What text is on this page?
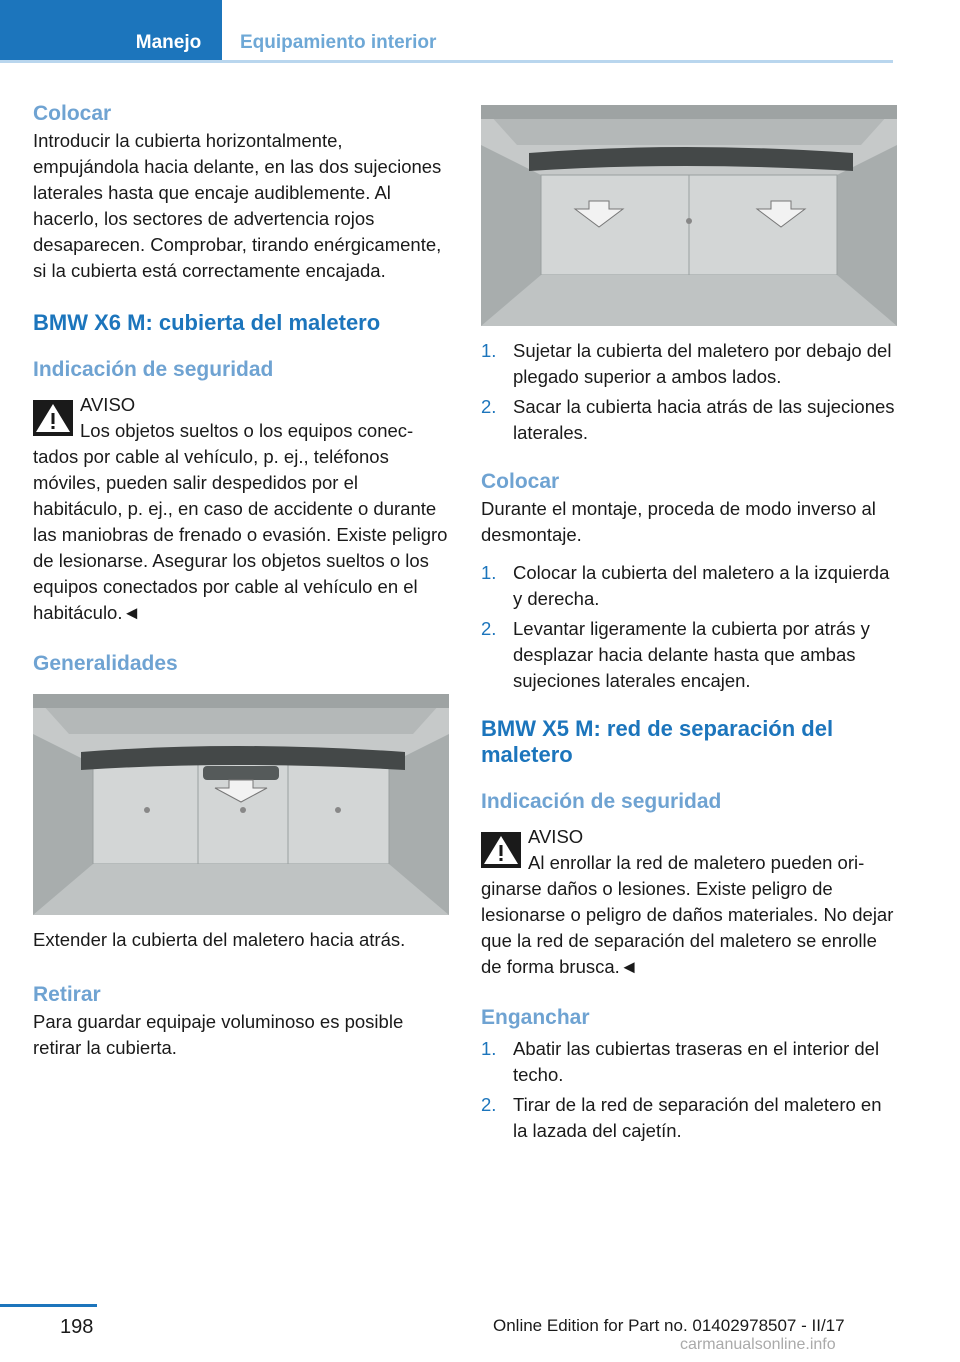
Manejo	Equipamiento interior
Colocar

Introducir la cubierta horizontalmente, empujándola hacia delante, en las dos sujeciones laterales hasta que encaje audiblemente. Al hacerlo, los sectores de advertencia rojos desaparecen. Comprobar, tirando enérgicamente, si la cubierta está correctamente encajada.

BMW X6 M: cubierta del maletero
Indicación de seguridad
AVISO
Los objetos sueltos o los equipos conec-
tados por cable al vehículo, p. ej., teléfonos móviles, pueden salir despedidos por el habitáculo, p. ej., en caso de accidente o durante las maniobras de frenado o evasión. Existe peligro de lesionarse. Asegurar los objetos sueltos o los equipos conectados por cable al vehículo en el habitáculo.◄
Generalidades

Extender la cubierta del maletero hacia atrás.

Retirar

Para guardar equipaje voluminoso es posible retirar la cubierta.

1. Sujetar la cubierta del maletero por debajo del plegado superior a ambos lados.
2. Sacar la cubierta hacia atrás de las sujeciones laterales.
Colocar

Durante el montaje, proceda de modo inverso al desmontaje.

1. Colocar la cubierta del maletero a la izquierda y derecha.
2. Levantar ligeramente la cubierta por atrás y desplazar hacia delante hasta que ambas sujeciones laterales encajen.
BMW X5 M: red de separación del maletero
Indicación de seguridad
AVISO
Al enrollar la red de maletero pueden ori-
ginarse daños o lesiones. Existe peligro de lesionarse o peligro de daños materiales. No dejar que la red de separación del maletero se enrolle de forma brusca.◄
Enganchar
1. Abatir las cubiertas traseras en el interior del techo.
2. Tirar de la red de separación del maletero en la lazada del cajetín.
198	Online Edition for Part no. 01402978507 - II/17
carmanualsonline.info
